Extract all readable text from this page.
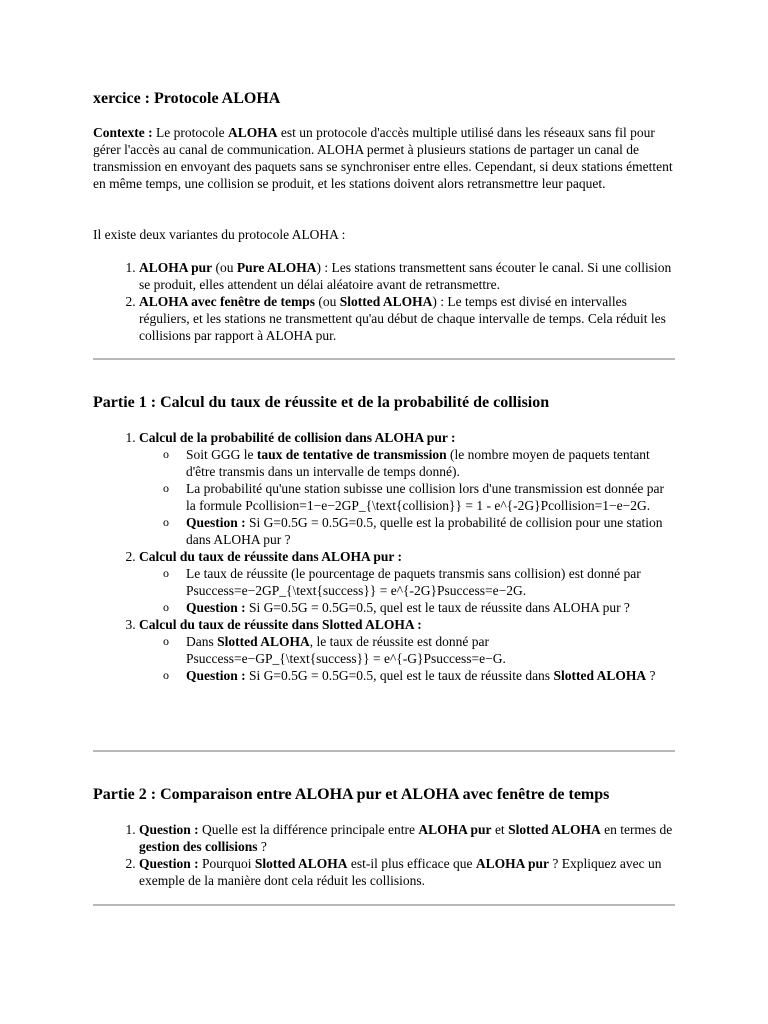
xercice : Protocole ALOHA
Contexte : Le protocole ALOHA est un protocole d'accès multiple utilisé dans les réseaux sans fil pour gérer l'accès au canal de communication. ALOHA permet à plusieurs stations de partager un canal de transmission en envoyant des paquets sans se synchroniser entre elles. Cependant, si deux stations émettent en même temps, une collision se produit, et les stations doivent alors retransmettre leur paquet.
Il existe deux variantes du protocole ALOHA :
1. ALOHA pur (ou Pure ALOHA) : Les stations transmettent sans écouter le canal. Si une collision se produit, elles attendent un délai aléatoire avant de retransmettre.
2. ALOHA avec fenêtre de temps (ou Slotted ALOHA) : Le temps est divisé en intervalles réguliers, et les stations ne transmettent qu'au début de chaque intervalle de temps. Cela réduit les collisions par rapport à ALOHA pur.
Partie 1 : Calcul du taux de réussite et de la probabilité de collision
1. Calcul de la probabilité de collision dans ALOHA pur :
o Soit GGG le taux de tentative de transmission (le nombre moyen de paquets tentant d'être transmis dans un intervalle de temps donné).
o La probabilité qu'une station subisse une collision lors d'une transmission est donnée par la formule Pcollision=1−e−2GP_{\text{collision}} = 1 - e^{-2G}Pcollision=1−e−2G.
o Question : Si G=0.5G = 0.5G=0.5, quelle est la probabilité de collision pour une station dans ALOHA pur ?
2. Calcul du taux de réussite dans ALOHA pur :
o Le taux de réussite (le pourcentage de paquets transmis sans collision) est donné par Psuccess=e−2GP_{\text{success}} = e^{-2G}Psuccess=e−2G.
o Question : Si G=0.5G = 0.5G=0.5, quel est le taux de réussite dans ALOHA pur ?
3. Calcul du taux de réussite dans Slotted ALOHA :
o Dans Slotted ALOHA, le taux de réussite est donné par Psuccess=e−GP_{\text{success}} = e^{-G}Psuccess=e−G.
o Question : Si G=0.5G = 0.5G=0.5, quel est le taux de réussite dans Slotted ALOHA ?
Partie 2 : Comparaison entre ALOHA pur et ALOHA avec fenêtre de temps
1. Question : Quelle est la différence principale entre ALOHA pur et Slotted ALOHA en termes de gestion des collisions ?
2. Question : Pourquoi Slotted ALOHA est-il plus efficace que ALOHA pur ? Expliquez avec un exemple de la manière dont cela réduit les collisions.
